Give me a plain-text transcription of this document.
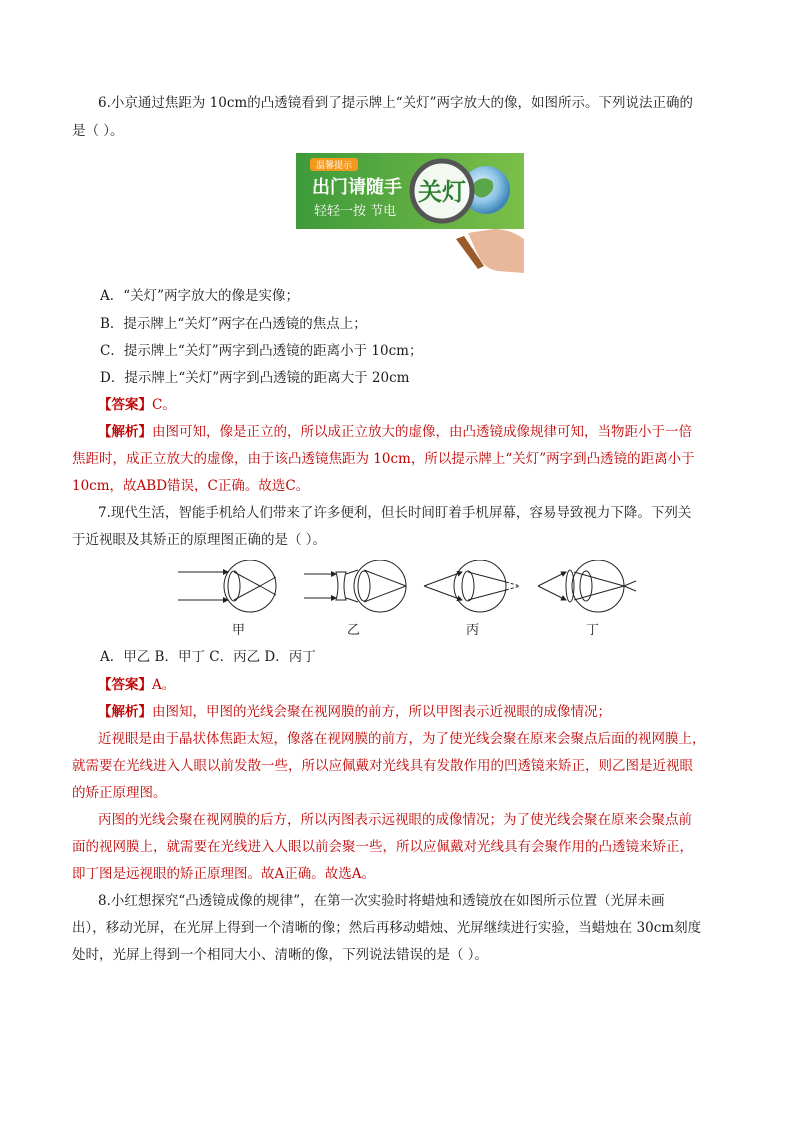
6.小京通过焦距为 10cm的凸透镜看到了提示牌上“关灯”两字放大的像，如图所示。下列说法正确的
是（ ）。
温馨提示
出门请随手
轻轻一按 节电
关灯
A．“关灯”两字放大的像是实像；
B．提示牌上“关灯”两字在凸透镜的焦点上；
C．提示牌上“关灯”两字到凸透镜的距离小于 10cm；
D．提示牌上“关灯”两字到凸透镜的距离大于 20cm
【答案】C。
【解析】由图可知，像是正立的，所以成正立放大的虚像，由凸透镜成像规律可知，当物距小于一倍
焦距时，成正立放大的虚像，由于该凸透镜焦距为 10cm，所以提示牌上“关灯”两字到凸透镜的距离小于
10cm，故ABD错误，C正确。故选C。
7.现代生活，智能手机给人们带来了许多便利，但长时间盯着手机屏幕，容易导致视力下降。下列关
于近视眼及其矫正的原理图正确的是（ ）。
甲	乙	丙	丁
A．甲乙 B．甲丁 C．丙乙 D．丙丁
【答案】A。
【解析】由图知，甲图的光线会聚在视网膜的前方，所以甲图表示近视眼的成像情况；
近视眼是由于晶状体焦距太短，像落在视网膜的前方，为了使光线会聚在原来会聚点后面的视网膜上，
就需要在光线进入人眼以前发散一些，所以应佩戴对光线具有发散作用的凹透镜来矫正，则乙图是近视眼
的矫正原理图。
丙图的光线会聚在视网膜的后方，所以丙图表示远视眼的成像情况；为了使光线会聚在原来会聚点前
面的视网膜上，就需要在光线进入人眼以前会聚一些，所以应佩戴对光线具有会聚作用的凸透镜来矫正，
即丁图是远视眼的矫正原理图。故A正确。故选A。
8.小红想探究“凸透镜成像的规律”，在第一次实验时将蜡烛和透镜放在如图所示位置（光屏未画
出），移动光屏，在光屏上得到一个清晰的像；然后再移动蜡烛、光屏继续进行实验，当蜡烛在 30cm刻度
处时，光屏上得到一个相同大小、清晰的像，下列说法错误的是（ ）。
